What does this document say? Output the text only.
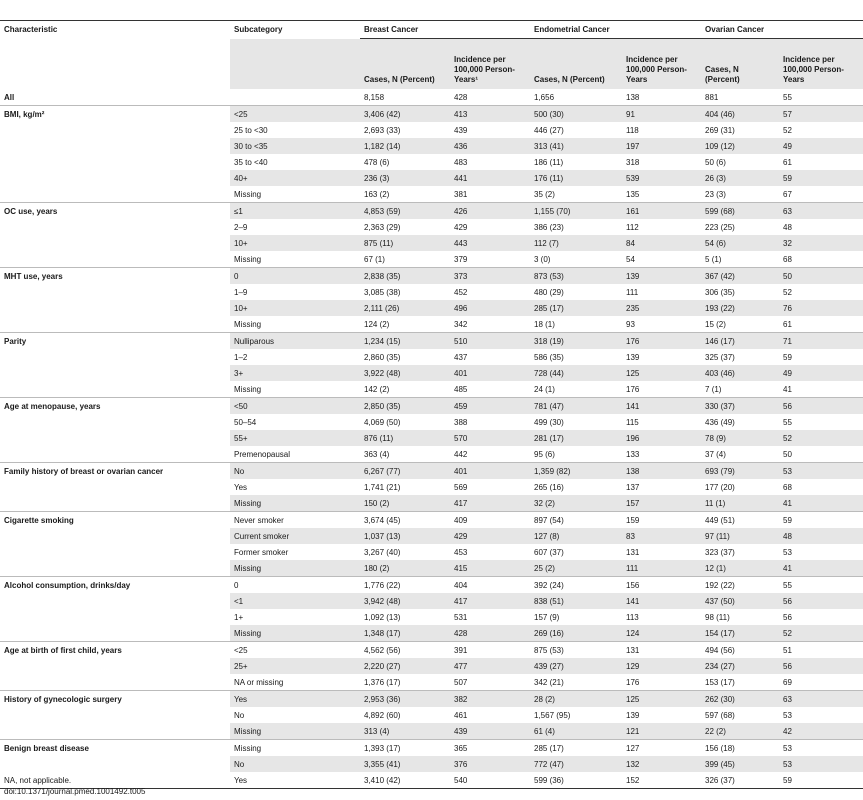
Characteristic	Subcategory	Breast Cancer		Endometrial Cancer		Ovarian Cancer	
		Cases, N (Percent)	Incidence per 100,000 Person-Years¹	Cases, N (Percent)	Incidence per 100,000 Person-Years	Cases, N (Percent)	Incidence per 100,000 Person-Years
All		8,158	428	1,656	138	881	55
BMI, kg/m²	<25	3,406 (42)	413	500 (30)	91	404 (46)	57
	25 to <30	2,693 (33)	439	446 (27)	118	269 (31)	52
	30 to <35	1,182 (14)	436	313 (41)	197	109 (12)	49
	35 to <40	478 (6)	483	186 (11)	318	50 (6)	61
	40+	236 (3)	441	176 (11)	539	26 (3)	59
	Missing	163 (2)	381	35 (2)	135	23 (3)	67
OC use, years	≤1	4,853 (59)	426	1,155 (70)	161	599 (68)	63
	2–9	2,363 (29)	429	386 (23)	112	223 (25)	48
	10+	875 (11)	443	112 (7)	84	54 (6)	32
	Missing	67 (1)	379	3 (0)	54	5 (1)	68
MHT use, years	0	2,838 (35)	373	873 (53)	139	367 (42)	50
	1–9	3,085 (38)	452	480 (29)	111	306 (35)	52
	10+	2,111 (26)	496	285 (17)	235	193 (22)	76
	Missing	124 (2)	342	18 (1)	93	15 (2)	61
Parity	Nulliparous	1,234 (15)	510	318 (19)	176	146 (17)	71
	1–2	2,860 (35)	437	586 (35)	139	325 (37)	59
	3+	3,922 (48)	401	728 (44)	125	403 (46)	49
	Missing	142 (2)	485	24 (1)	176	7 (1)	41
Age at menopause, years	<50	2,850 (35)	459	781 (47)	141	330 (37)	56
	50–54	4,069 (50)	388	499 (30)	115	436 (49)	55
	55+	876 (11)	570	281 (17)	196	78 (9)	52
	Premenopausal	363 (4)	442	95 (6)	133	37 (4)	50
Family history of breast or ovarian cancer	No	6,267 (77)	401	1,359 (82)	138	693 (79)	53
	Yes	1,741 (21)	569	265 (16)	137	177 (20)	68
	Missing	150 (2)	417	32 (2)	157	11 (1)	41
Cigarette smoking	Never smoker	3,674 (45)	409	897 (54)	159	449 (51)	59
	Current smoker	1,037 (13)	429	127 (8)	83	97 (11)	48
	Former smoker	3,267 (40)	453	607 (37)	131	323 (37)	53
	Missing	180 (2)	415	25 (2)	111	12 (1)	41
Alcohol consumption, drinks/day	0	1,776 (22)	404	392 (24)	156	192 (22)	55
	<1	3,942 (48)	417	838 (51)	141	437 (50)	56
	1+	1,092 (13)	531	157 (9)	113	98 (11)	56
	Missing	1,348 (17)	428	269 (16)	124	154 (17)	52
Age at birth of first child, years	<25	4,562 (56)	391	875 (53)	131	494 (56)	51
	25+	2,220 (27)	477	439 (27)	129	234 (27)	56
	NA or missing	1,376 (17)	507	342 (21)	176	153 (17)	69
History of gynecologic surgery	Yes	2,953 (36)	382	28 (2)	125	262 (30)	63
	No	4,892 (60)	461	1,567 (95)	139	597 (68)	53
	Missing	313 (4)	439	61 (4)	121	22 (2)	42
Benign breast disease	Missing	1,393 (17)	365	285 (17)	127	156 (18)	53
	No	3,355 (41)	376	772 (47)	132	399 (45)	53
	Yes	3,410 (42)	540	599 (36)	152	326 (37)	59
NA, not applicable.
doi:10.1371/journal.pmed.1001492.t005
